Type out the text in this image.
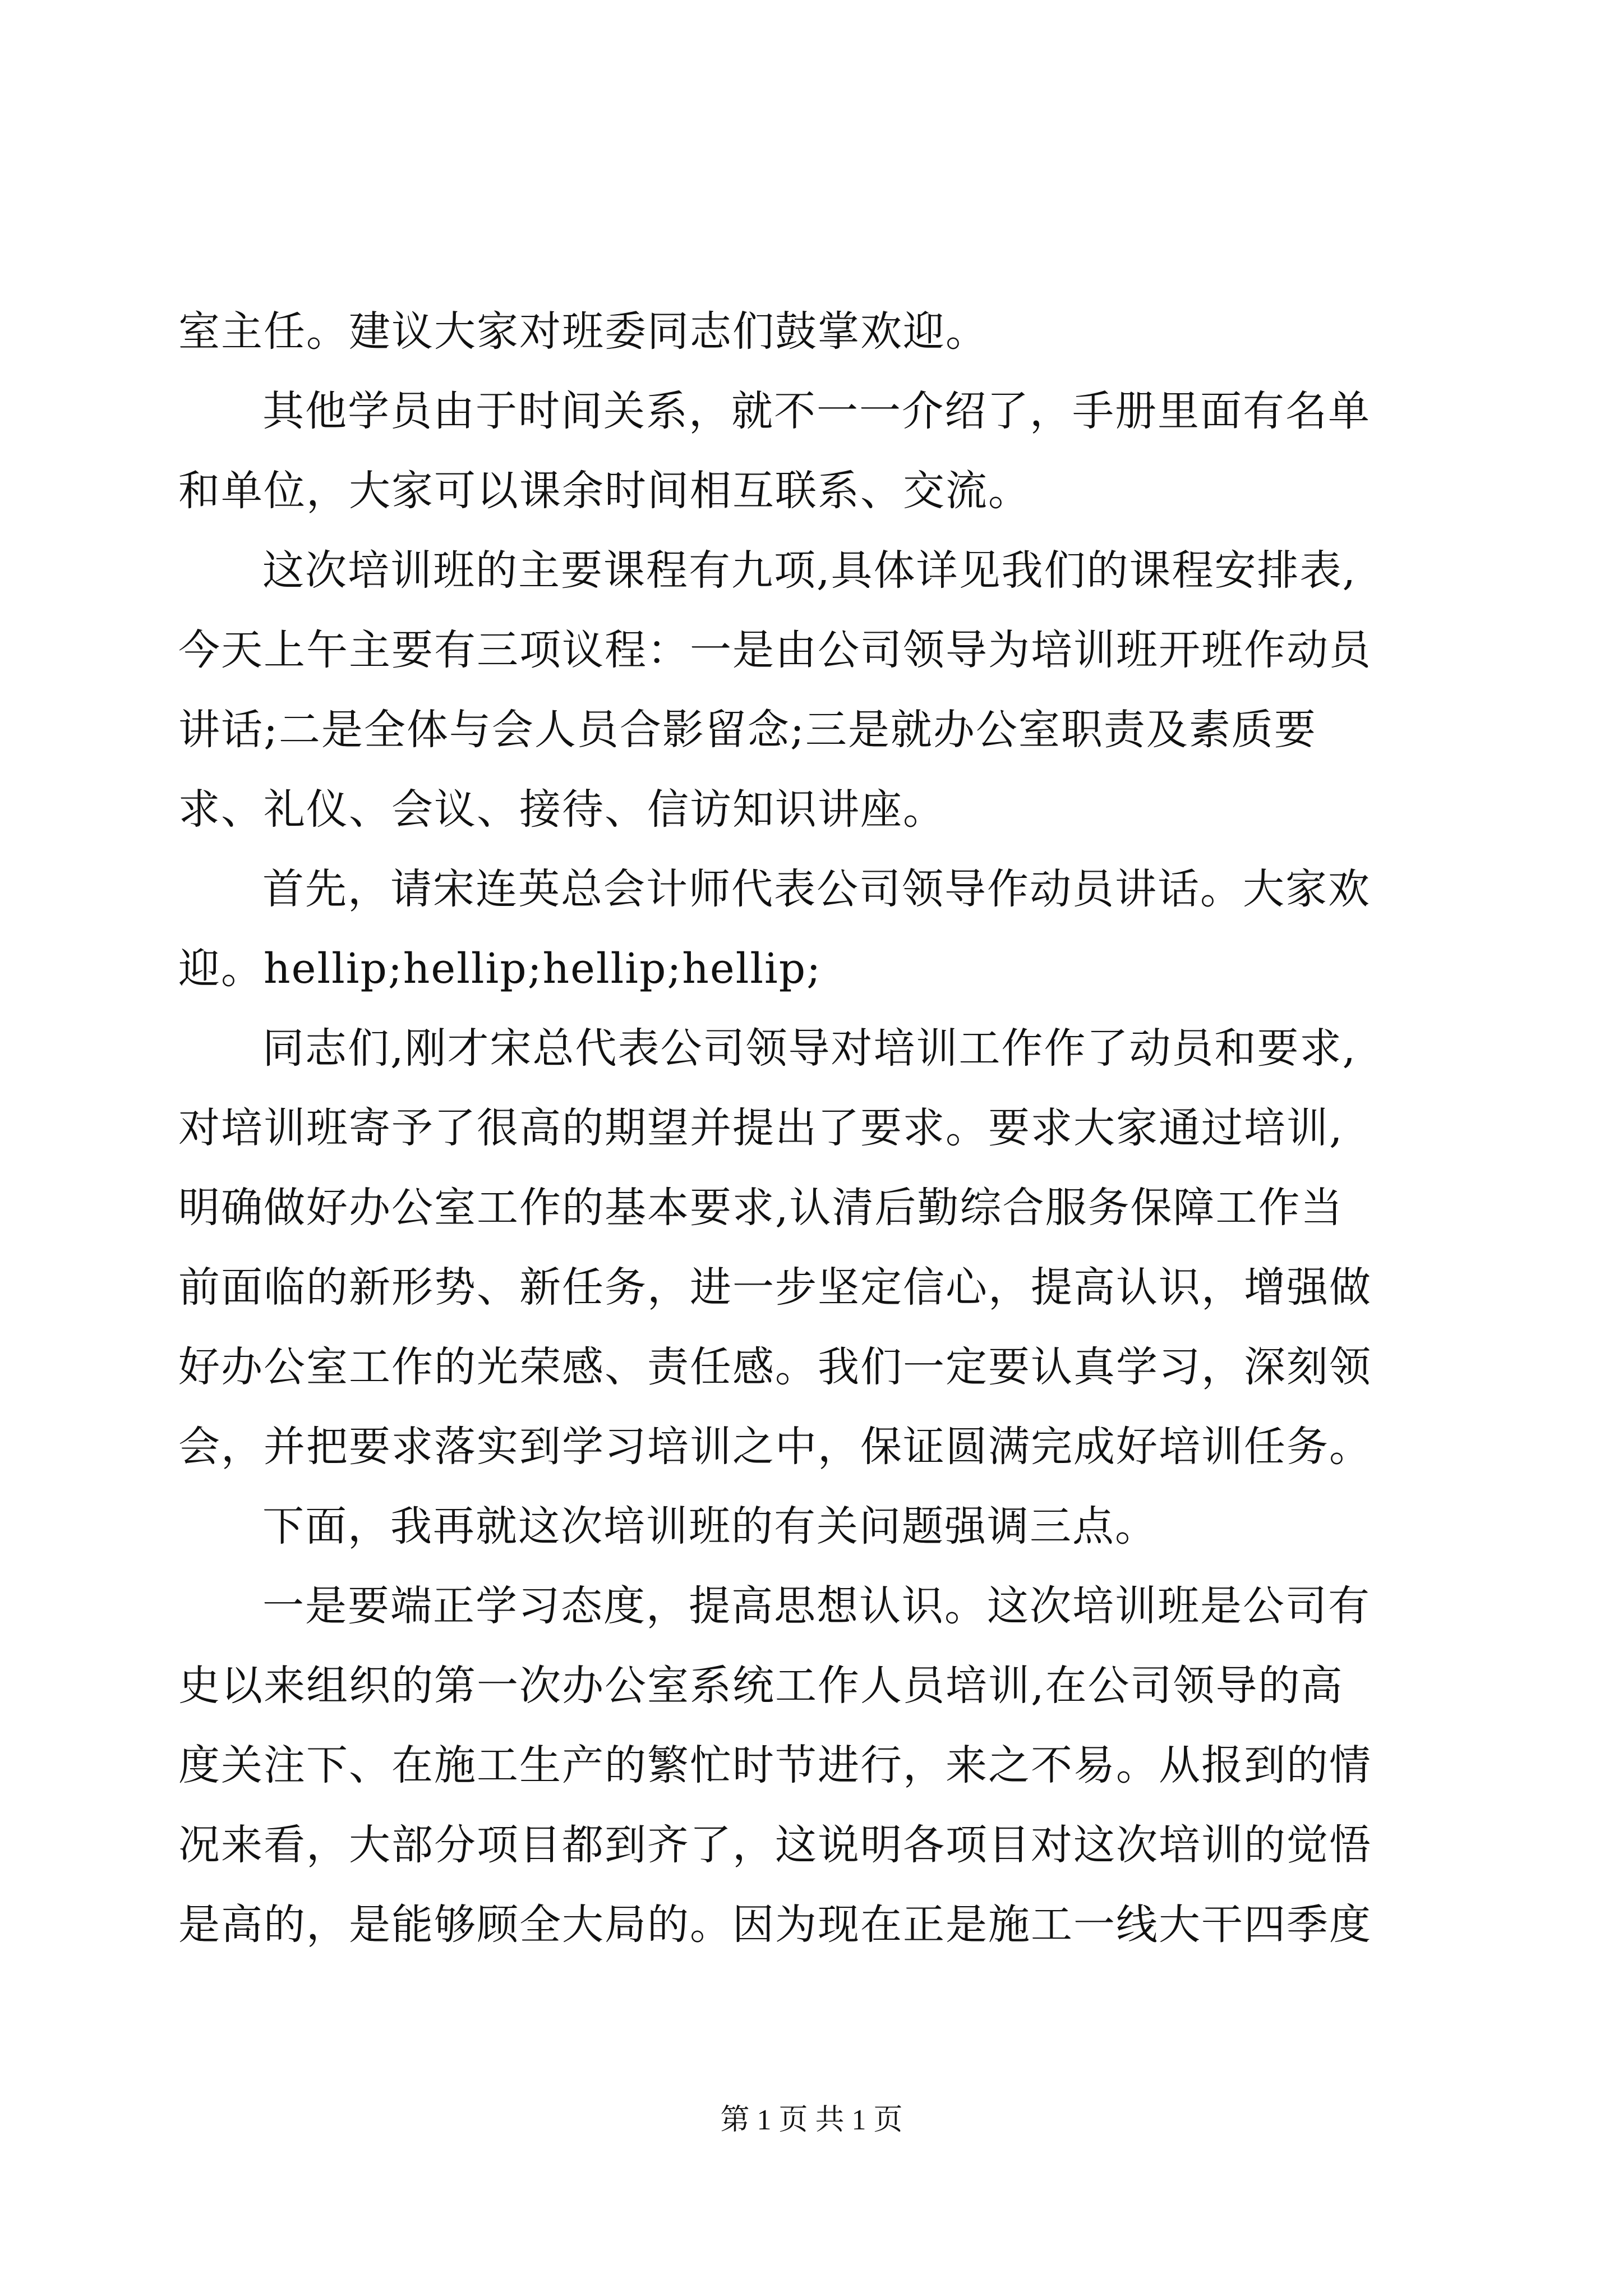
室主任。建议大家对班委同志们鼓掌欢迎。
其他学员由于时间关系，就不一一介绍了，手册里面有名单
和单位，大家可以课余时间相互联系、交流。
这次培训班的主要课程有九项,具体详见我们的课程安排表,
今天上午主要有三项议程：一是由公司领导为培训班开班作动员
讲话;二是全体与会人员合影留念;三是就办公室职责及素质要
求、礼仪、会议、接待、信访知识讲座。
首先，请宋连英总会计师代表公司领导作动员讲话。大家欢
迎。hellip;hellip;hellip;hellip;
同志们,刚才宋总代表公司领导对培训工作作了动员和要求,
对培训班寄予了很高的期望并提出了要求。要求大家通过培训,
明确做好办公室工作的基本要求,认清后勤综合服务保障工作当
前面临的新形势、新任务，进一步坚定信心，提高认识，增强做
好办公室工作的光荣感、责任感。我们一定要认真学习，深刻领
会，并把要求落实到学习培训之中，保证圆满完成好培训任务。
下面，我再就这次培训班的有关问题强调三点。
一是要端正学习态度，提高思想认识。这次培训班是公司有
史以来组织的第一次办公室系统工作人员培训,在公司领导的高
度关注下、在施工生产的繁忙时节进行，来之不易。从报到的情
况来看，大部分项目都到齐了，这说明各项目对这次培训的觉悟
是高的，是能够顾全大局的。因为现在正是施工一线大干四季度
第 1 页 共 1 页
